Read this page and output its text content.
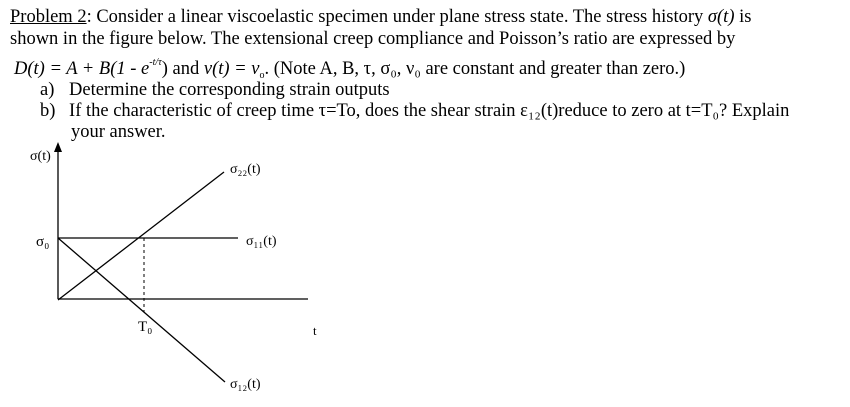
Problem 2: Consider a linear viscoelastic specimen under plane stress state. The stress history σ(t) is
shown in the figure below. The extensional creep compliance and Poisson’s ratio are expressed by
$D(t) = A + B(1 - e^{-t/\tau})$ and $\nu(t) = \nu_o$. (Note A, B, τ, σ₀, ν₀ are constant and greater than zero.)
a) Determine the corresponding strain outputs
b) If the characteristic of creep time τ=To, does the shear strain ε₁₂(t)reduce to zero at t=T₀? Explain
your answer.
σ(t)
σ₀
T₀	t
σ₂₂(t)
σ₁₁(t)
σ₁₂(t)
